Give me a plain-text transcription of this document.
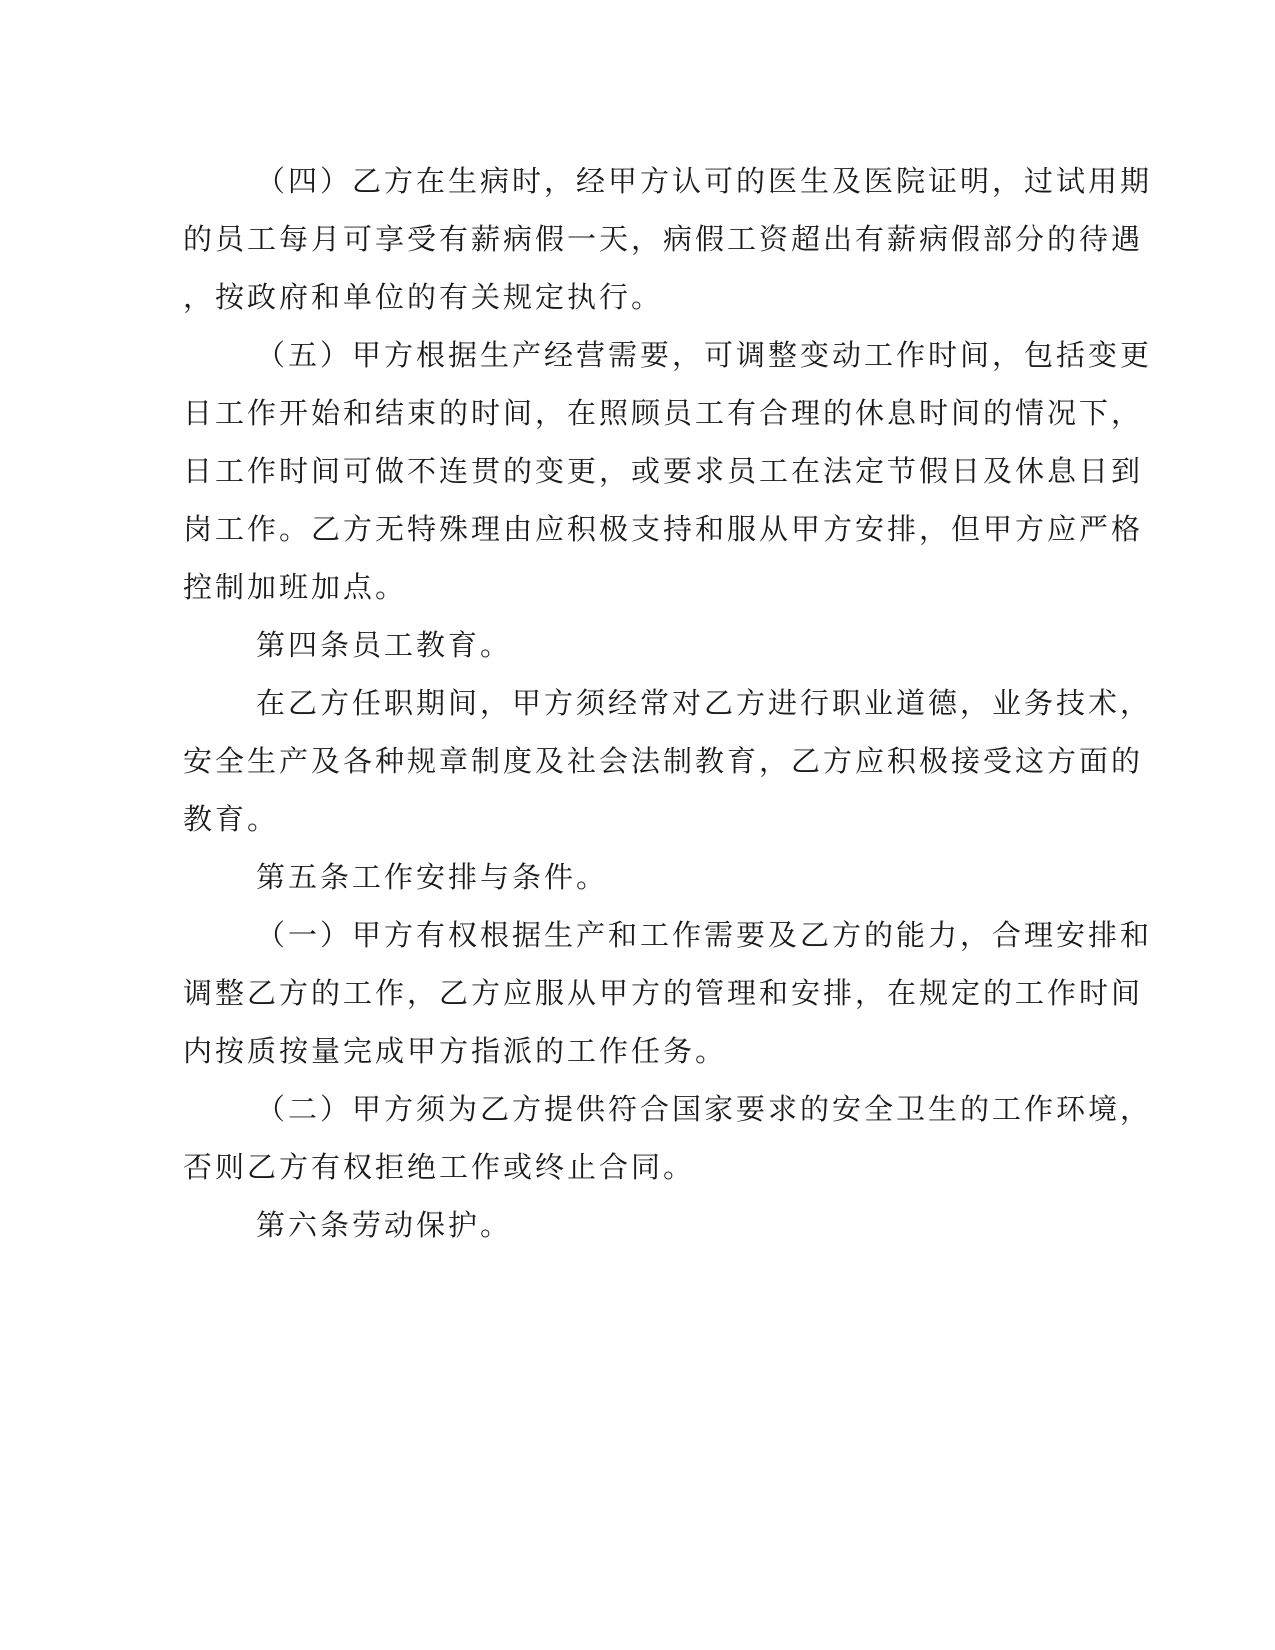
（四）乙方在生病时，经甲方认可的医生及医院证明，过试用期

的员工每月可享受有薪病假一天，病假工资超出有薪病假部分的待遇

，按政府和单位的有关规定执行。

（五）甲方根据生产经营需要，可调整变动工作时间，包括变更

日工作开始和结束的时间，在照顾员工有合理的休息时间的情况下，

日工作时间可做不连贯的变更，或要求员工在法定节假日及休息日到

岗工作。乙方无特殊理由应积极支持和服从甲方安排，但甲方应严格

控制加班加点。

第四条员工教育。

在乙方任职期间，甲方须经常对乙方进行职业道德，业务技术，

安全生产及各种规章制度及社会法制教育，乙方应积极接受这方面的

教育。

第五条工作安排与条件。

（一）甲方有权根据生产和工作需要及乙方的能力，合理安排和

调整乙方的工作，乙方应服从甲方的管理和安排，在规定的工作时间

内按质按量完成甲方指派的工作任务。

（二）甲方须为乙方提供符合国家要求的安全卫生的工作环境，

否则乙方有权拒绝工作或终止合同。

第六条劳动保护。
